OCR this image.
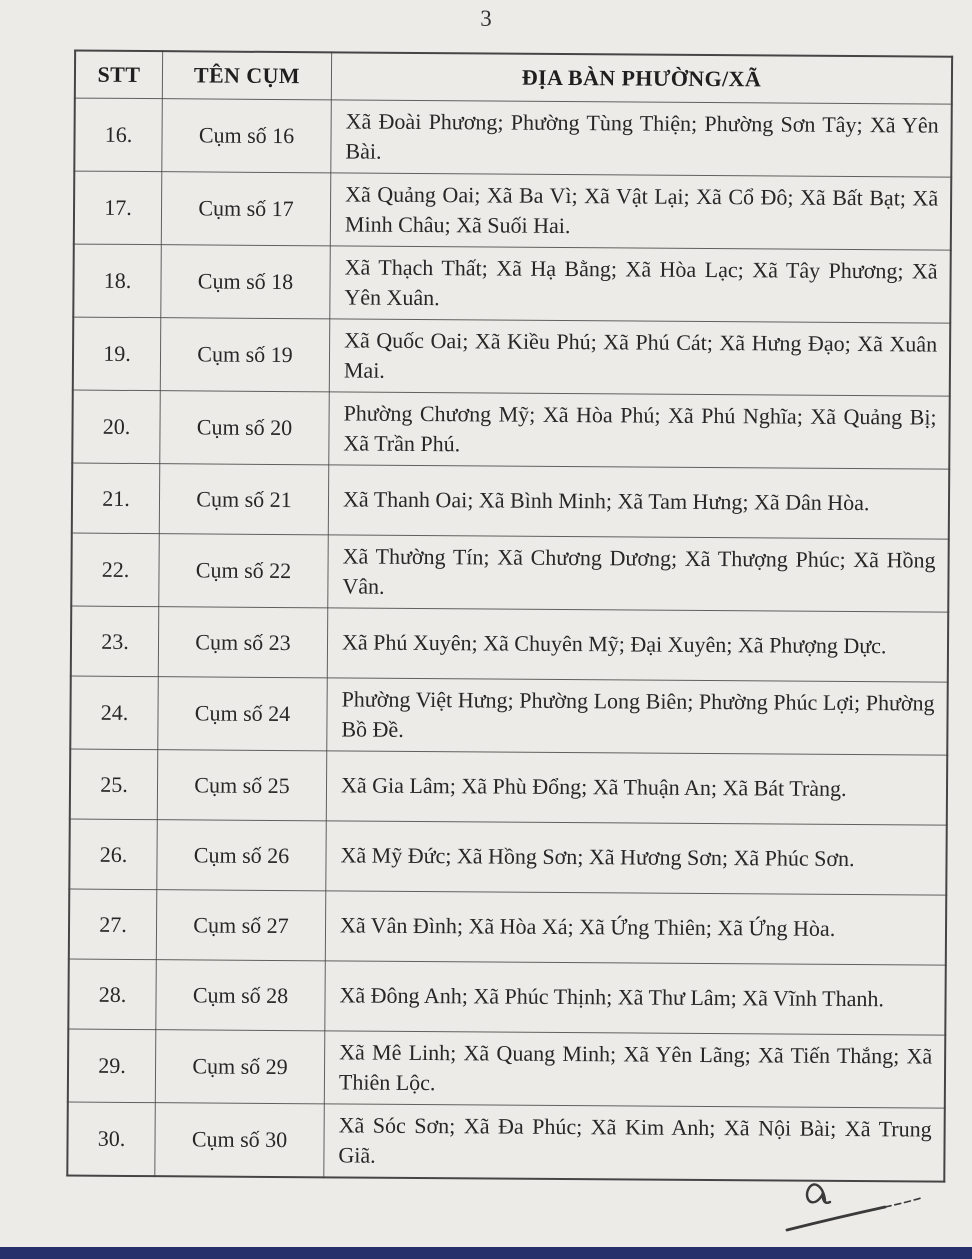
3
STT	TÊN CỤM	ĐỊA BÀN PHƯỜNG/XÃ
16.	Cụm số 16	Xã Đoài Phương; Phường Tùng Thiện; Phường Sơn Tây; Xã Yên Bài.
17.	Cụm số 17	Xã Quảng Oai; Xã Ba Vì; Xã Vật Lại; Xã Cổ Đô; Xã Bất Bạt; Xã Minh Châu; Xã Suối Hai.
18.	Cụm số 18	Xã Thạch Thất; Xã Hạ Bằng; Xã Hòa Lạc; Xã Tây Phương; Xã Yên Xuân.
19.	Cụm số 19	Xã Quốc Oai; Xã Kiều Phú; Xã Phú Cát; Xã Hưng Đạo; Xã Xuân Mai.
20.	Cụm số 20	Phường Chương Mỹ; Xã Hòa Phú; Xã Phú Nghĩa; Xã Quảng Bị; Xã Trần Phú.
21.	Cụm số 21	Xã Thanh Oai; Xã Bình Minh; Xã Tam Hưng; Xã Dân Hòa.
22.	Cụm số 22	Xã Thường Tín; Xã Chương Dương; Xã Thượng Phúc; Xã Hồng Vân.
23.	Cụm số 23	Xã Phú Xuyên; Xã Chuyên Mỹ; Đại Xuyên; Xã Phượng Dực.
24.	Cụm số 24	Phường Việt Hưng; Phường Long Biên; Phường Phúc Lợi; Phường Bồ Đề.
25.	Cụm số 25	Xã Gia Lâm; Xã Phù Đổng; Xã Thuận An; Xã Bát Tràng.
26.	Cụm số 26	Xã Mỹ Đức; Xã Hồng Sơn; Xã Hương Sơn; Xã Phúc Sơn.
27.	Cụm số 27	Xã Vân Đình; Xã Hòa Xá; Xã Ứng Thiên; Xã Ứng Hòa.
28.	Cụm số 28	Xã Đông Anh; Xã Phúc Thịnh; Xã Thư Lâm; Xã Vĩnh Thanh.
29.	Cụm số 29	Xã Mê Linh; Xã Quang Minh; Xã Yên Lãng; Xã Tiến Thắng; Xã Thiên Lộc.
30.	Cụm số 30	Xã Sóc Sơn; Xã Đa Phúc; Xã Kim Anh; Xã Nội Bài; Xã Trung Giã.
